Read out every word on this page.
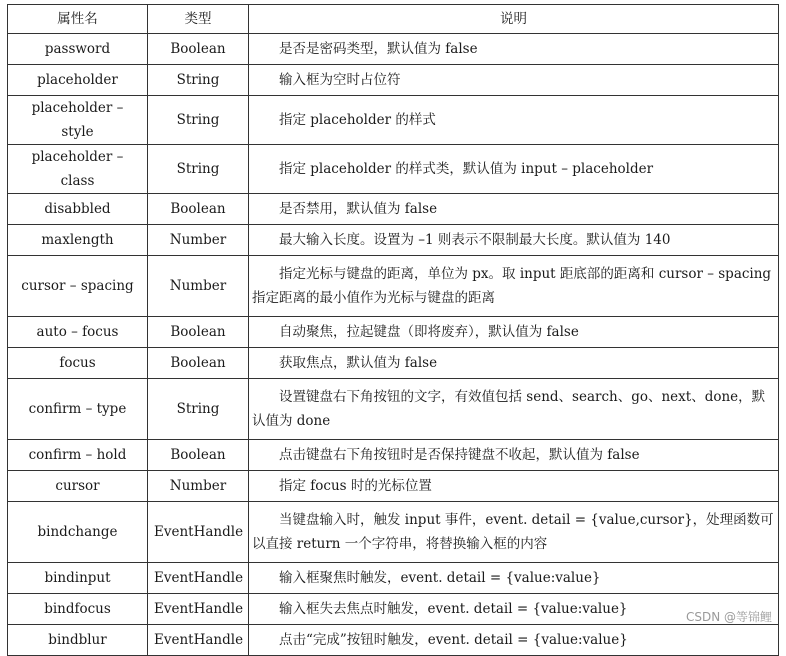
属性名	类型	说明
password	Boolean	是否是密码类型，默认值为 false
placeholder	String	输入框为空时占位符
placeholder – style	String	指定 placeholder 的样式
placeholder – class	String	指定 placeholder 的样式类，默认值为 input – placeholder
disabbled	Boolean	是否禁用，默认值为 false
maxlength	Number	最大输入长度。设置为 –1 则表示不限制最大长度。默认值为 140
cursor – spacing	Number	指定光标与键盘的距离，单位为 px。取 input 距底部的距离和 cursor – spacing 指定距离的最小值作为光标与键盘的距离
auto – focus	Boolean	自动聚焦，拉起键盘（即将废弃），默认值为 false
focus	Boolean	获取焦点，默认值为 false
confirm – type	String	设置键盘右下角按钮的文字，有效值包括 send、search、go、next、done，默认值为 done
confirm – hold	Boolean	点击键盘右下角按钮时是否保持键盘不收起，默认值为 false
cursor	Number	指定 focus 时的光标位置
bindchange	EventHandle	当键盘输入时，触发 input 事件，event. detail = {value,cursor}，处理函数可以直接 return 一个字符串，将替换输入框的内容
bindinput	EventHandle	输入框聚焦时触发，event. detail = {value:value}
bindfocus	EventHandle	输入框失去焦点时触发，event. detail = {value:value}
bindblur	EventHandle	点击“完成”按钮时触发，event. detail = {value:value}
CSDN @等锦鲤
